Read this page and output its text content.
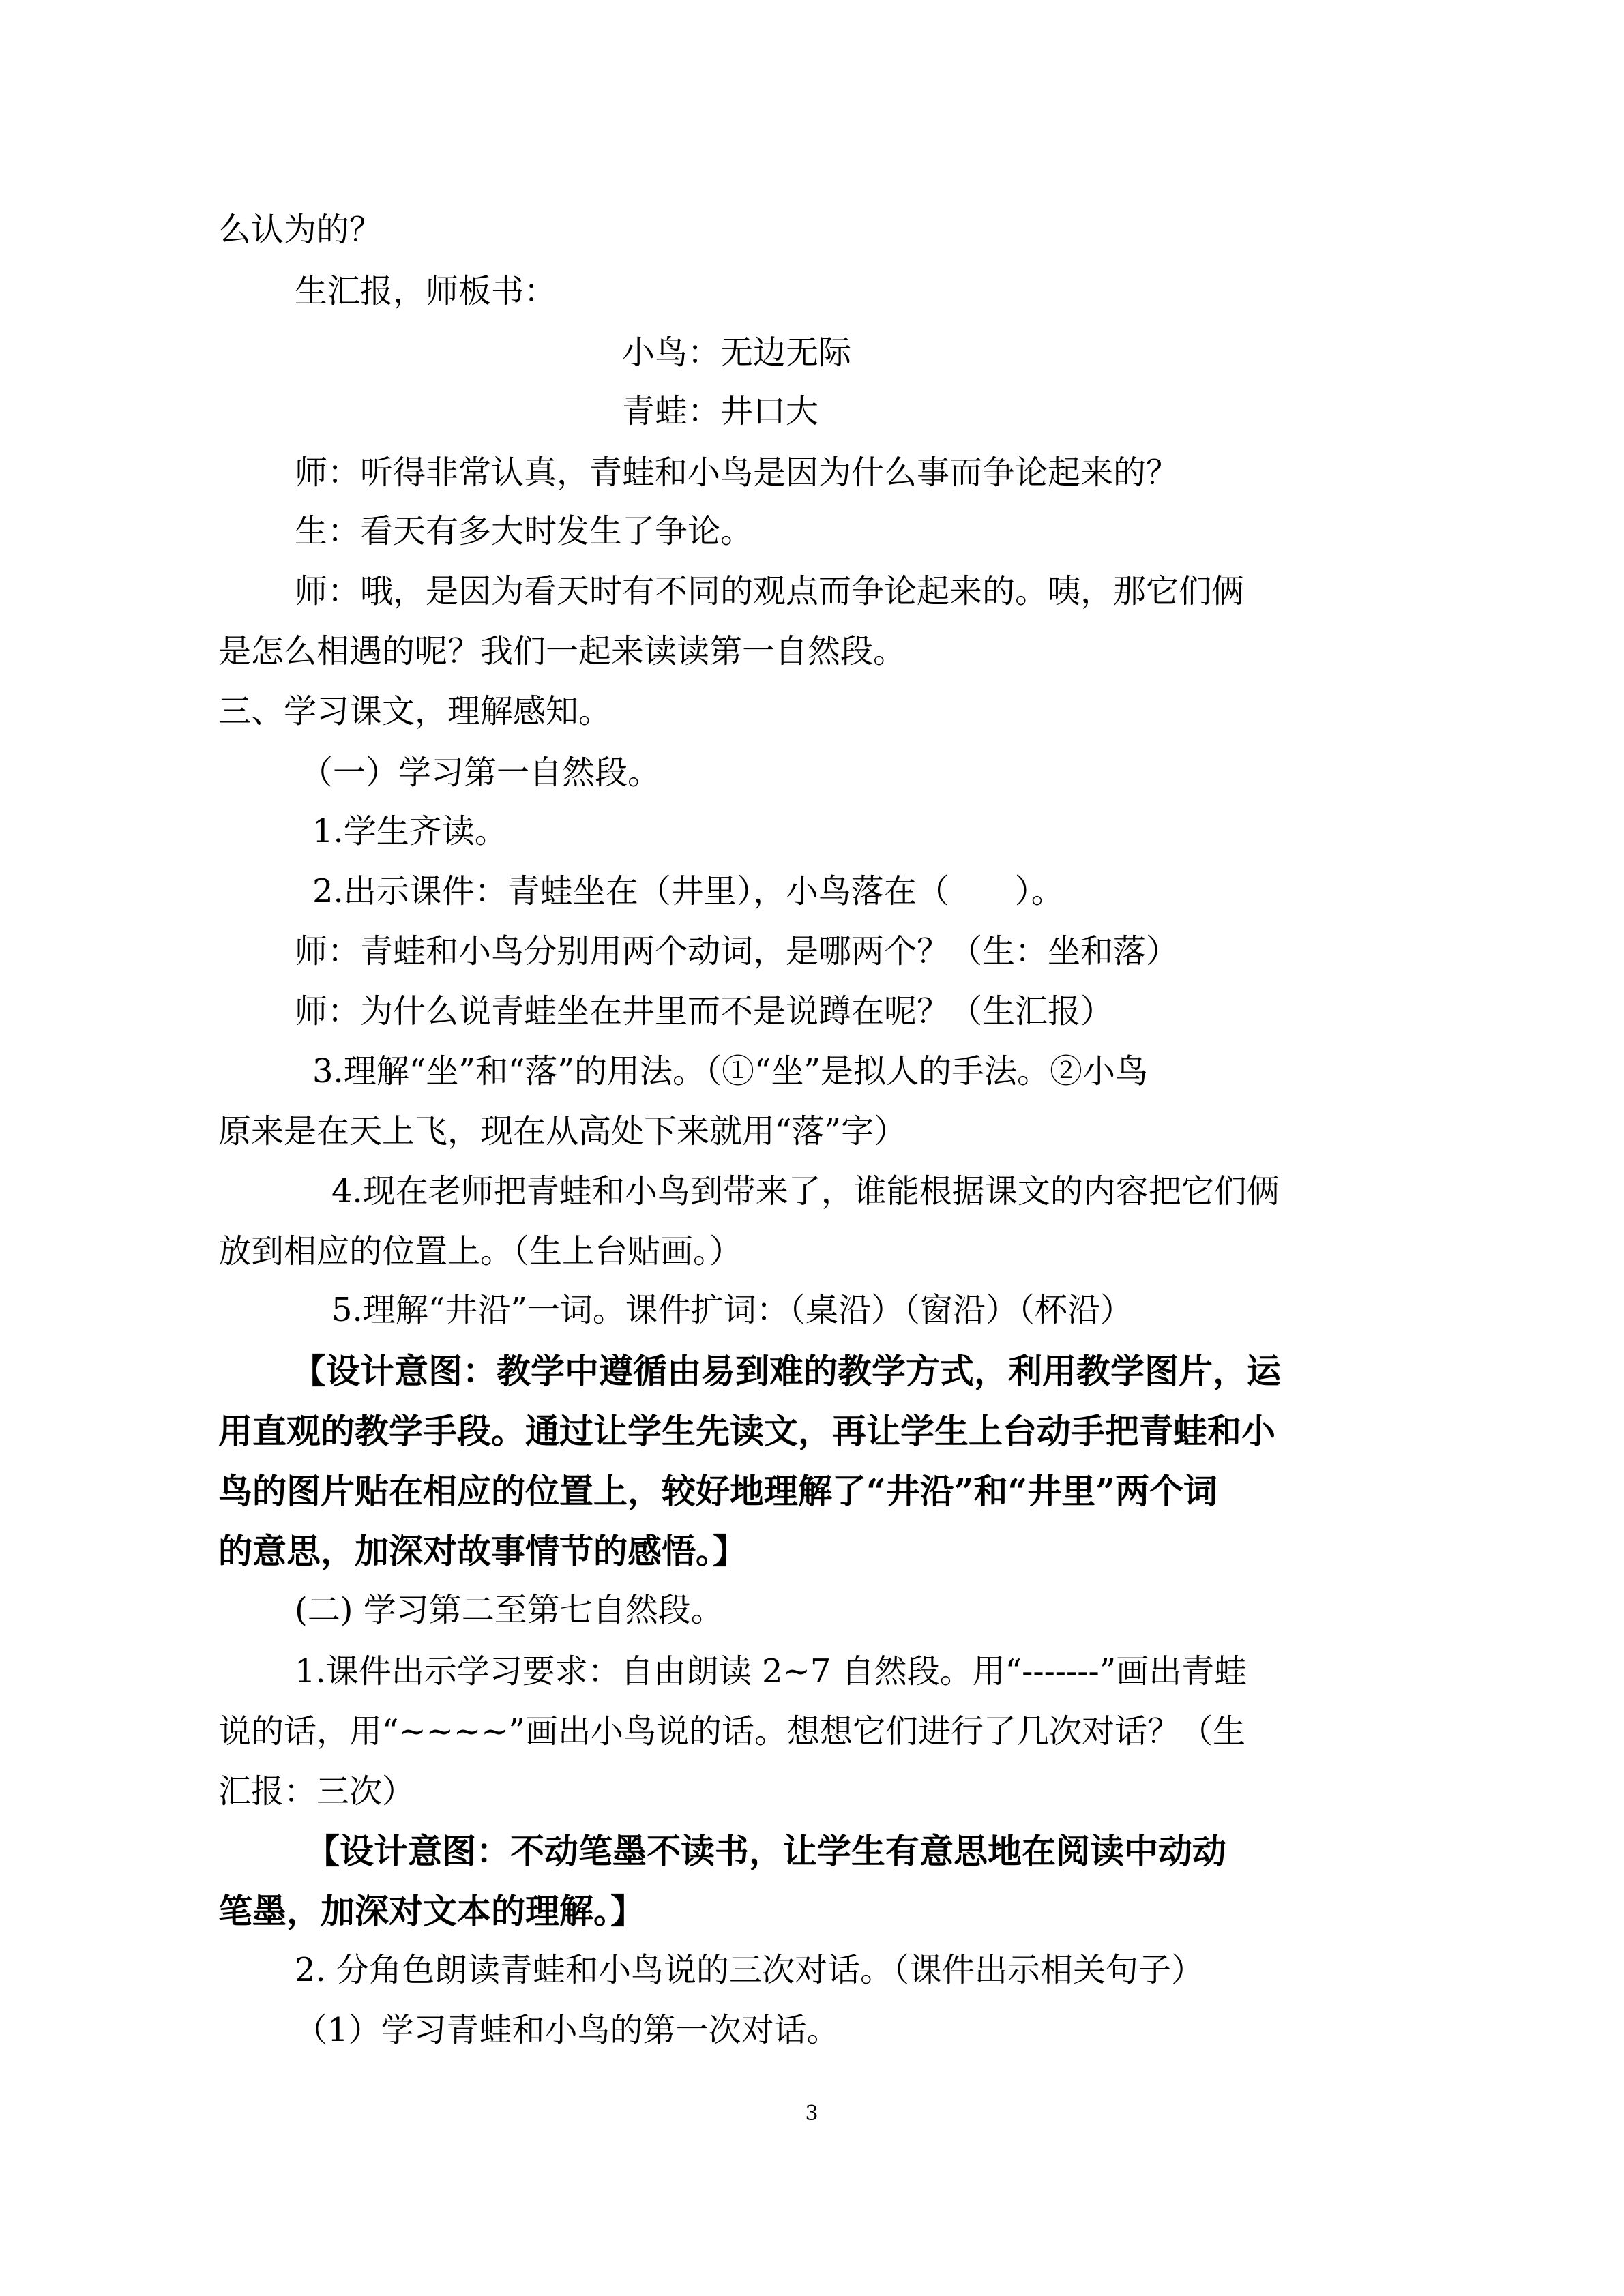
么认为的？
生汇报，师板书：
小鸟：无边无际
青蛙：井口大
师：听得非常认真，青蛙和小鸟是因为什么事而争论起来的？
生：看天有多大时发生了争论。
师：哦，是因为看天时有不同的观点而争论起来的。咦，那它们俩
是怎么相遇的呢？我们一起来读读第一自然段。
三、学习课文，理解感知。
（一）学习第一自然段。
1.学生齐读。
2.出示课件：青蛙坐在（井里），小鸟落在（　　）。
师：青蛙和小鸟分别用两个动词，是哪两个？（生：坐和落）
师：为什么说青蛙坐在井里而不是说蹲在呢？（生汇报）
3.理解“坐”和“落”的用法。（①“坐”是拟人的手法。②小鸟
原来是在天上飞，现在从高处下来就用“落”字）
4.现在老师把青蛙和小鸟到带来了，谁能根据课文的内容把它们俩
放到相应的位置上。（生上台贴画。）
5.理解“井沿”一词。课件扩词：（桌沿）（窗沿）（杯沿）
【设计意图：教学中遵循由易到难的教学方式，利用教学图片，运
用直观的教学手段。通过让学生先读文，再让学生上台动手把青蛙和小
鸟的图片贴在相应的位置上，较好地理解了“井沿”和“井里”两个词
的意思，加深对故事情节的感悟。】
(二) 学习第二至第七自然段。
1.课件出示学习要求：自由朗读 2~7 自然段。用“-------”画出青蛙
说的话，用“~~~~”画出小鸟说的话。想想它们进行了几次对话？（生
汇报：三次）
【设计意图：不动笔墨不读书，让学生有意思地在阅读中动动
笔墨，加深对文本的理解。】
2. 分角色朗读青蛙和小鸟说的三次对话。（课件出示相关句子）
（1）学习青蛙和小鸟的第一次对话。
3
